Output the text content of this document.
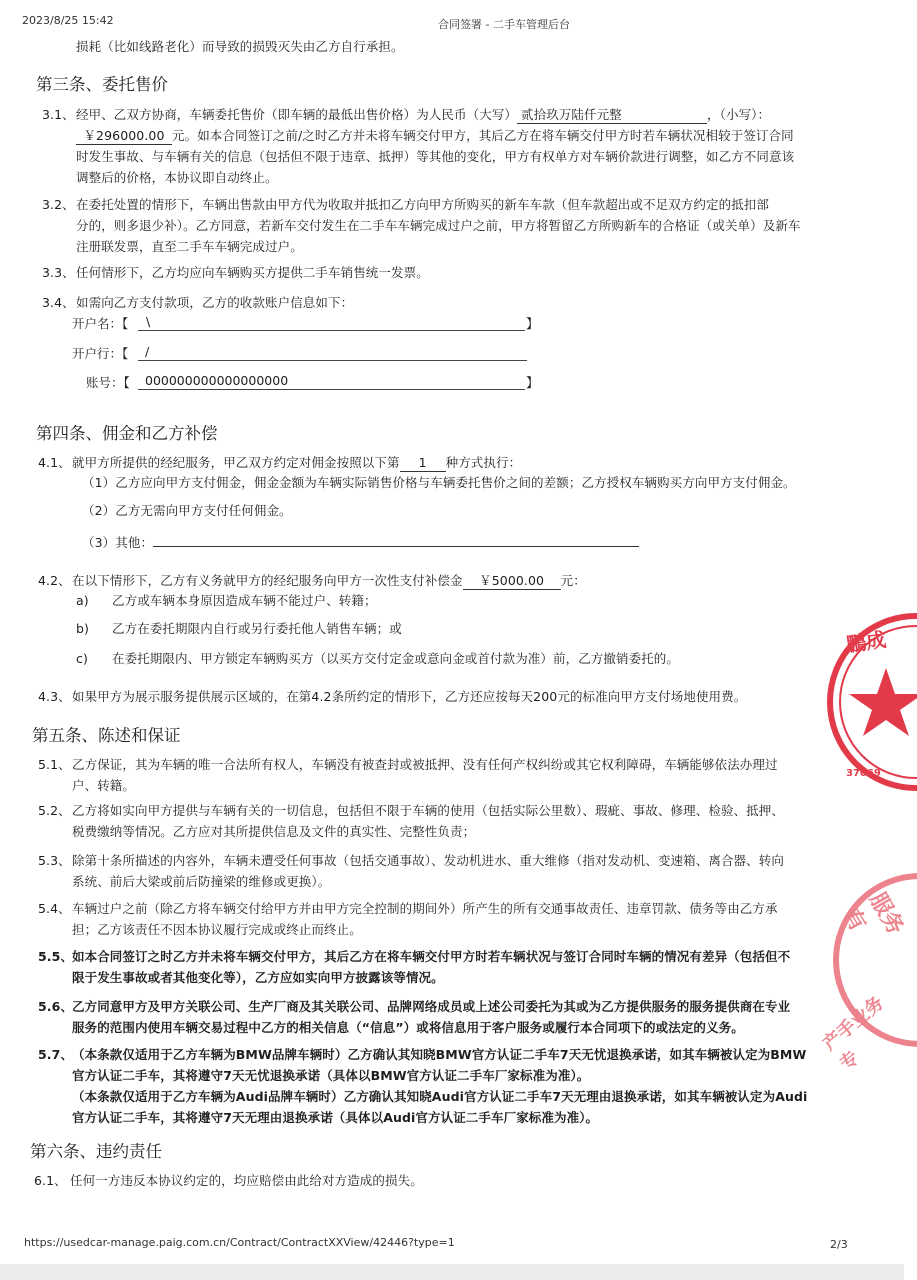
2023/8/25 15:42	合同签署 - 二手车管理后台
损耗（比如线路老化）而导致的损毁灭失由乙方自行承担。
第三条、委托售价
3.1、 经甲、乙双方协商，车辆委托售价（即车辆的最低出售价格）为人民币（大写） 贰拾玖万陆仟元整	，（小写）：
￥296000.00 元。如本合同签订之前/之时乙方并未将车辆交付甲方，其后乙方在将车辆交付甲方时若车辆状况相较于签订合同
时发生事故、与车辆有关的信息（包括但不限于违章、抵押）等其他的变化，甲方有权单方对车辆价款进行调整，如乙方不同意该
调整后的价格，本协议即自动终止。
3.2、 在委托处置的情形下，车辆出售款由甲方代为收取并抵扣乙方向甲方所购买的新车车款（但车款超出或不足双方约定的抵扣部
分的，则多退少补）。乙方同意，若新车交付发生在二手车车辆完成过户之前，甲方将暂留乙方所购新车的合格证（或关单）及新车
注册联发票，直至二手车车辆完成过户。
3.3、 任何情形下，乙方均应向车辆购买方提供二手车销售统一发票。
3.4、 如需向乙方支付款项，乙方的收款账户信息如下：
开户名：【 \	】
开户行：【 /
账号：【 000000000000000000	】
第四条、佣金和乙方补偿
4.1、 就甲方所提供的经纪服务，甲乙双方约定对佣金按照以下第 1 种方式执行：
（1）乙方应向甲方支付佣金，佣金金额为车辆实际销售价格与车辆委托售价之间的差额；乙方授权车辆购买方向甲方支付佣金。
（2）乙方无需向甲方支付任何佣金。
（3）其他：
4.2、 在以下情形下，乙方有义务就甲方的经纪服务向甲方一次性支付补偿金 ￥5000.00 元：
a) 乙方或车辆本身原因造成车辆不能过户、转籍；
b) 乙方在委托期限内自行或另行委托他人销售车辆；或
c) 在委托期限内、甲方锁定车辆购买方（以买方交付定金或意向金或首付款为准）前，乙方撤销委托的。
4.3、 如果甲方为展示服务提供展示区域的，在第4.2条所约定的情形下，乙方还应按每天200元的标准向甲方支付场地使用费。
第五条、陈述和保证
5.1、 乙方保证，其为车辆的唯一合法所有权人，车辆没有被查封或被抵押、没有任何产权纠纷或其它权利障碍，车辆能够依法办理过
户、转籍。
5.2、 乙方将如实向甲方提供与车辆有关的一切信息，包括但不限于车辆的使用（包括实际公里数）、瑕疵、事故、修理、检验、抵押、
税费缴纳等情况。乙方应对其所提供信息及文件的真实性、完整性负责；
5.3、 除第十条所描述的内容外，车辆未遭受任何事故（包括交通事故）、发动机进水、重大维修（指对发动机、变速箱、离合器、转向
系统、前后大梁或前后防撞梁的维修或更换）。
5.4、 车辆过户之前（除乙方将车辆交付给甲方并由甲方完全控制的期间外）所产生的所有交通事故责任、违章罚款、债务等由乙方承
担；乙方该责任不因本协议履行完成或终止而终止。
5.5、
如本合同签订之时乙方并未将车辆交付甲方，其后乙方在将车辆交付甲方时若车辆状况与签订合同时车辆的情况有差异（包括但不
限于发生事故或者其他变化等），乙方应如实向甲方披露该等情况。
5.6、
乙方同意甲方及甲方关联公司、生产厂商及其关联公司、品牌网络成员或上述公司委托为其或为乙方提供服务的服务提供商在专业
服务的范围内使用车辆交易过程中乙方的相关信息（“信息”）或将信息用于客户服务或履行本合同项下的或法定的义务。
5.7、
（本条款仅适用于乙方车辆为BMW品牌车辆时）乙方确认其知晓BMW官方认证二手车7天无忧退换承诺，如其车辆被认定为BMW
官方认证二手车，其将遵守7天无忧退换承诺（具体以BMW官方认证二手车厂家标准为准）。
（本条款仅适用于乙方车辆为Audi品牌车辆时）乙方确认其知晓Audi官方认证二手车7天无理由退换承诺，如其车辆被认定为Audi
官方认证二手车，其将遵守7天无理由退换承诺（具体以Audi官方认证二手车厂家标准为准）。
第六条、违约责任
6.1、 任何一方违反本协议约定的，均应赔偿由此给对方造成的损失。
https://usedcar-manage.paig.com.cn/Contract/ContractXXView/42446?type=1	2/3
鵬成
37069
服务有
产手业务专
